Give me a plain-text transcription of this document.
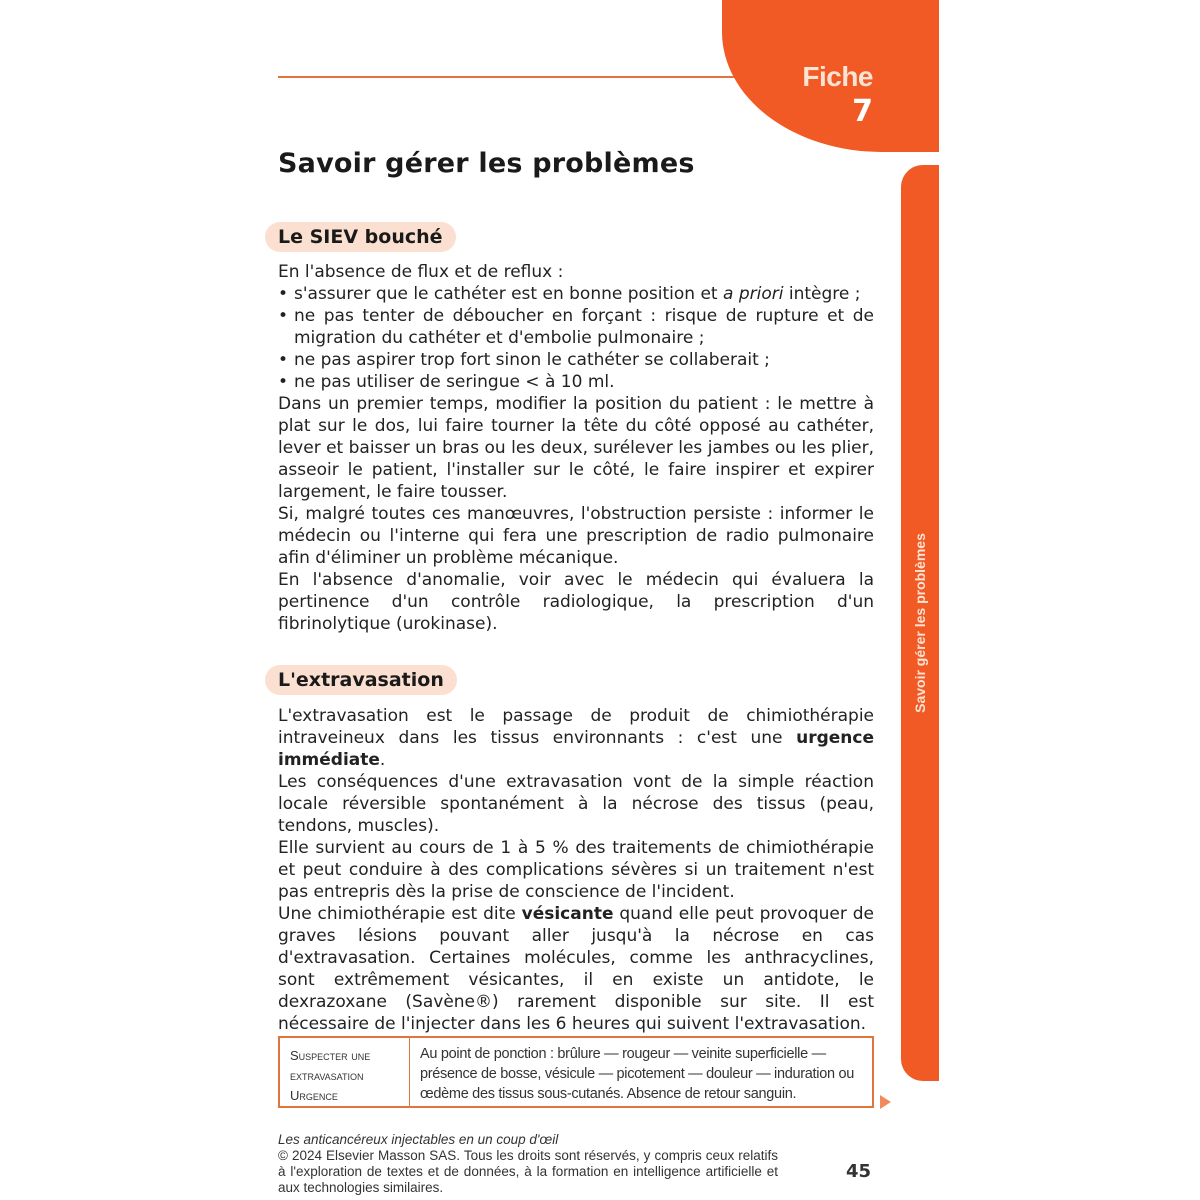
Fiche
7
Savoir gérer les problèmes
Savoir gérer les problèmes
Le SIEV bouché

En l'absence de flux et de reflux :

• s'assurer que le cathéter est en bonne position et a priori intègre ;
• ne pas tenter de déboucher en forçant : risque de rupture et de migration du cathéter et d'embolie pulmonaire ;
• ne pas aspirer trop fort sinon le cathéter se collaberait ;
• ne pas utiliser de seringue < à 10 ml.

Dans un premier temps, modifier la position du patient : le mettre à plat sur le dos, lui faire tourner la tête du côté opposé au cathéter, lever et baisser un bras ou les deux, surélever les jambes ou les plier, asseoir le patient, l'installer sur le côté, le faire inspirer et expirer largement, le faire tousser.

Si, malgré toutes ces manœuvres, l'obstruction persiste : informer le médecin ou l'interne qui fera une prescription de radio pulmonaire afin d'éliminer un problème mécanique.

En l'absence d'anomalie, voir avec le médecin qui évaluera la pertinence d'un contrôle radiologique, la prescription d'un fibrinolytique (urokinase).

L'extravasation

L'extravasation est le passage de produit de chimiothérapie intraveineux dans les tissus environnants : c'est une urgence immédiate.

Les conséquences d'une extravasation vont de la simple réaction locale réversible spontanément à la nécrose des tissus (peau, tendons, muscles).

Elle survient au cours de 1 à 5 % des traitements de chimiothérapie et peut conduire à des complications sévères si un traitement n'est pas entrepris dès la prise de conscience de l'incident.

Une chimiothérapie est dite vésicante quand elle peut provoquer de graves lésions pouvant aller jusqu'à la nécrose en cas d'extravasation. Certaines molécules, comme les anthracyclines, sont extrêmement vésicantes, il en existe un antidote, le dexrazoxane (Savène®) rarement disponible sur site. Il est nécessaire de l'injecter dans les 6 heures qui suivent l'extravasation.

Suspecter une
extravasation
Urgence
Au point de ponction : brûlure — rougeur — veinite superficielle — présence de bosse, vésicule — picotement — douleur — induration ou œdème des tissus sous-cutanés. Absence de retour sanguin.
Les anticancéreux injectables en un coup d'œil
© 2024 Elsevier Masson SAS. Tous les droits sont réservés, y compris ceux relatifs à l'exploration de textes et de données, à la formation en intelligence artificielle et aux technologies similaires.
45
